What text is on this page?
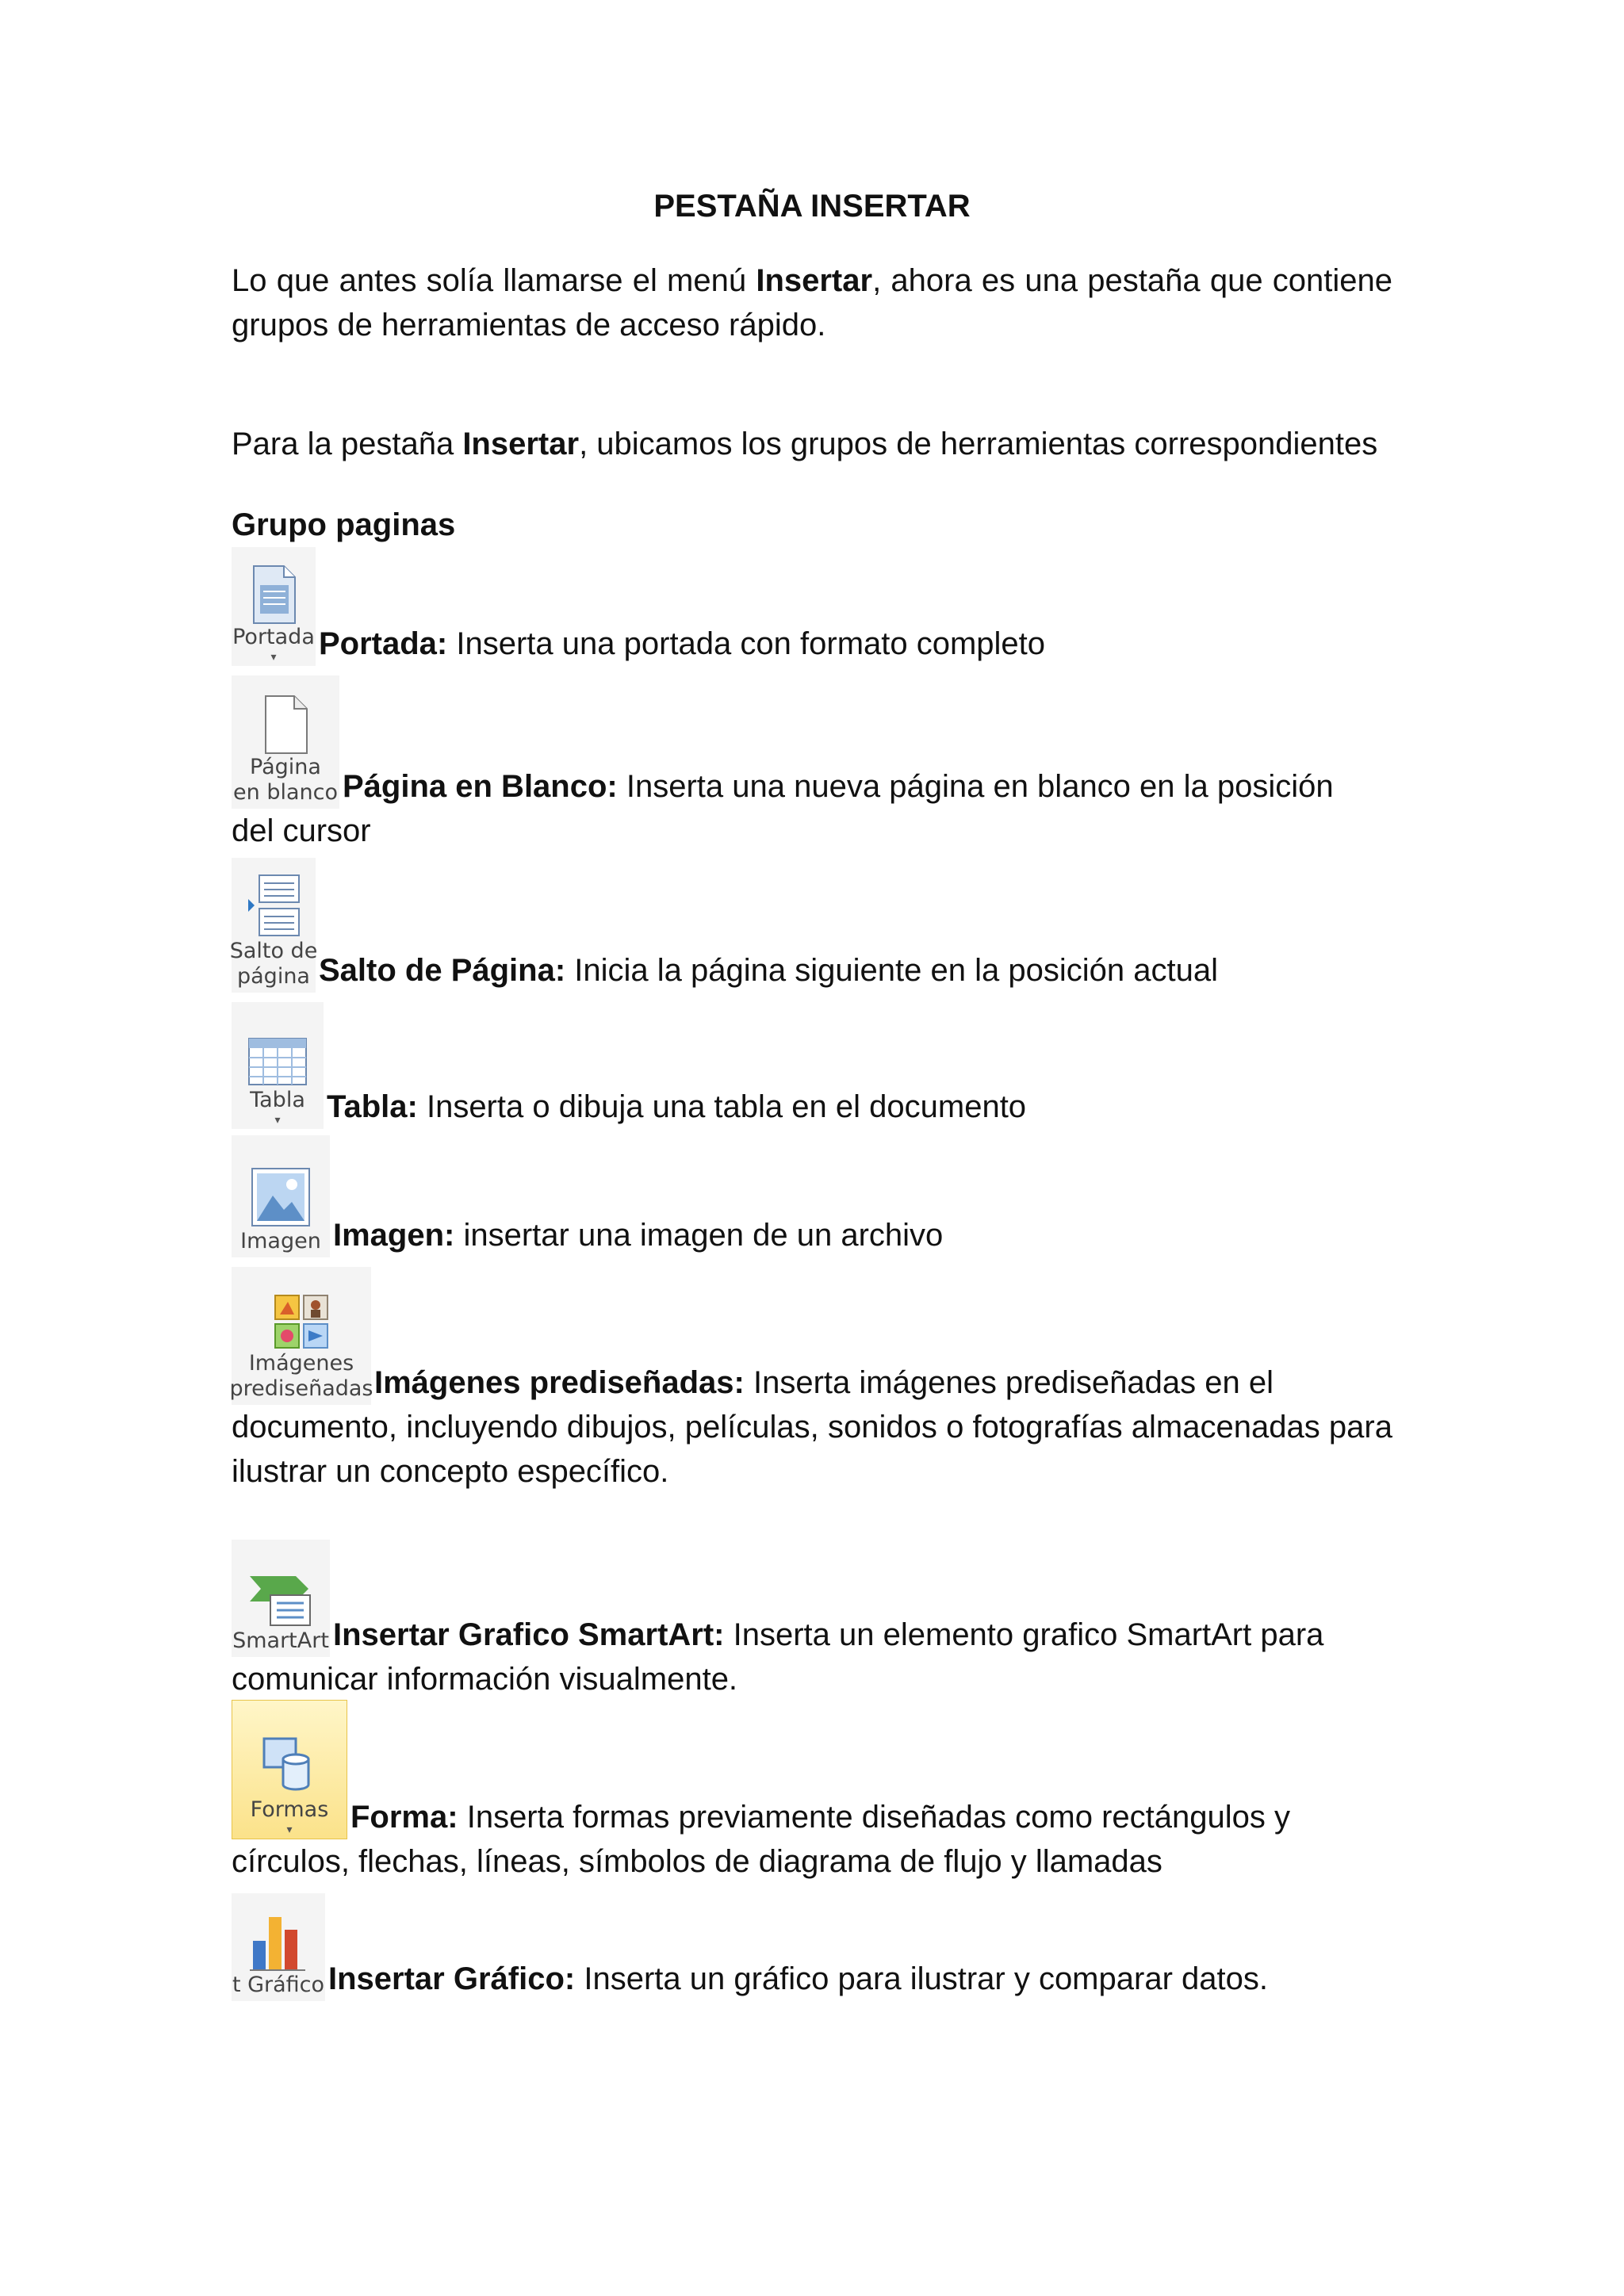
PESTAÑA INSERTAR
Lo que antes solía llamarse el menú Insertar, ahora es una pestaña que contiene grupos de herramientas de acceso rápido.
Para la pestaña Insertar, ubicamos los grupos de herramientas correspondientes
Grupo paginas
Portada
▾ Portada: Inserta una portada con formato completo
Página
en blanco Página en Blanco: Inserta una nueva página en blanco en la posición
del cursor
Salto de
página Salto de Página: Inicia la página siguiente en la posición actual
Tabla
▾ Tabla: Inserta o dibuja una tabla en el documento
Imagen Imagen: insertar una imagen de un archivo
Imágenes
prediseñadas Imágenes prediseñadas: Inserta imágenes prediseñadas en el
documento, incluyendo dibujos, películas, sonidos o fotografías almacenadas para ilustrar un concepto específico.
SmartArt Insertar Grafico SmartArt: Inserta un elemento grafico SmartArt para
comunicar información visualmente.
Formas
▾ Forma: Inserta formas previamente diseñadas como rectángulos y
círculos, flechas, líneas, símbolos de diagrama de flujo y llamadas
t Gráfico Insertar Gráfico: Inserta un gráfico para ilustrar y comparar datos.
